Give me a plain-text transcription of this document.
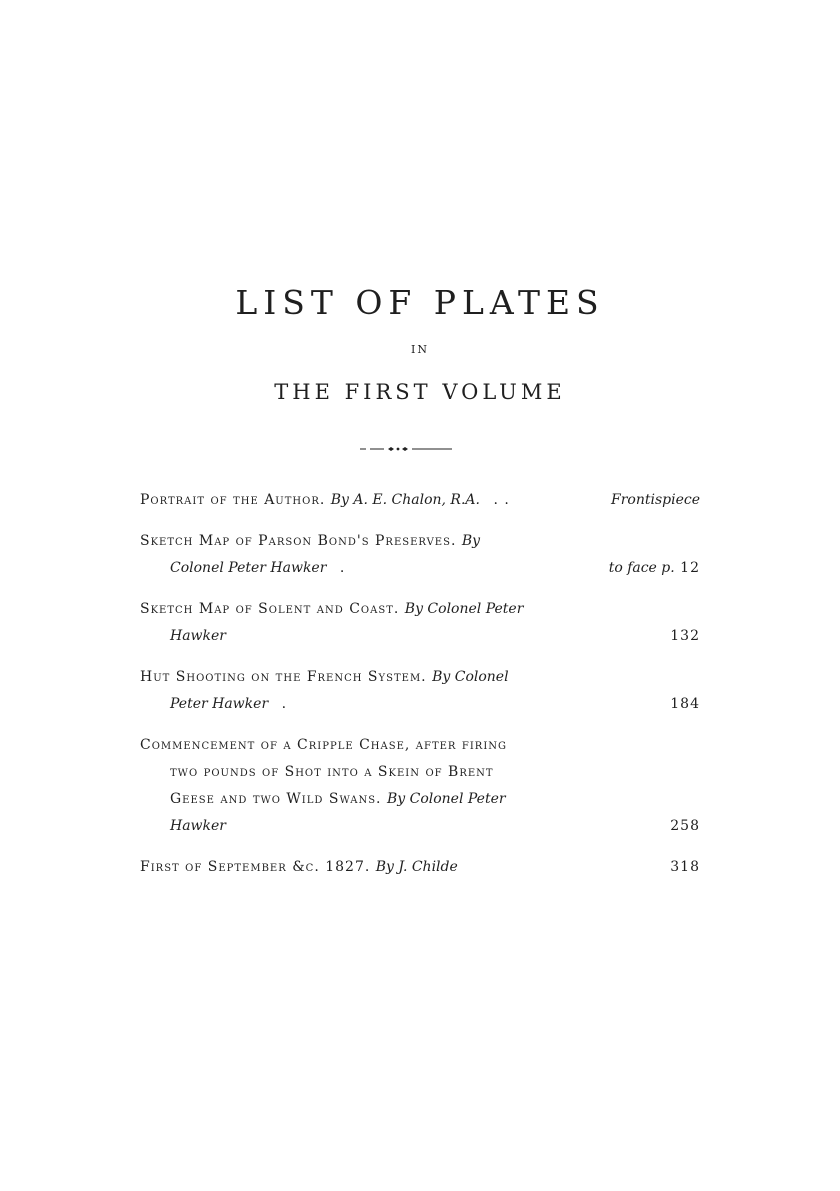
LIST OF PLATES

IN

THE FIRST VOLUME
Portrait of the Author. By A. E. Chalon, R.A. . .	Frontispiece
Sketch Map of Parson Bond's Preserves. By
Colonel Peter Hawker .	to face p. 12
Sketch Map of Solent and Coast. By Colonel Peter
Hawker	132
Hut Shooting on the French System. By Colonel
Peter Hawker .	184
Commencement of a Cripple Chase, after firing
two pounds of Shot into a Skein of Brent
Geese and two Wild Swans. By Colonel Peter
Hawker	258
First of September &c. 1827. By J. Childe	318
